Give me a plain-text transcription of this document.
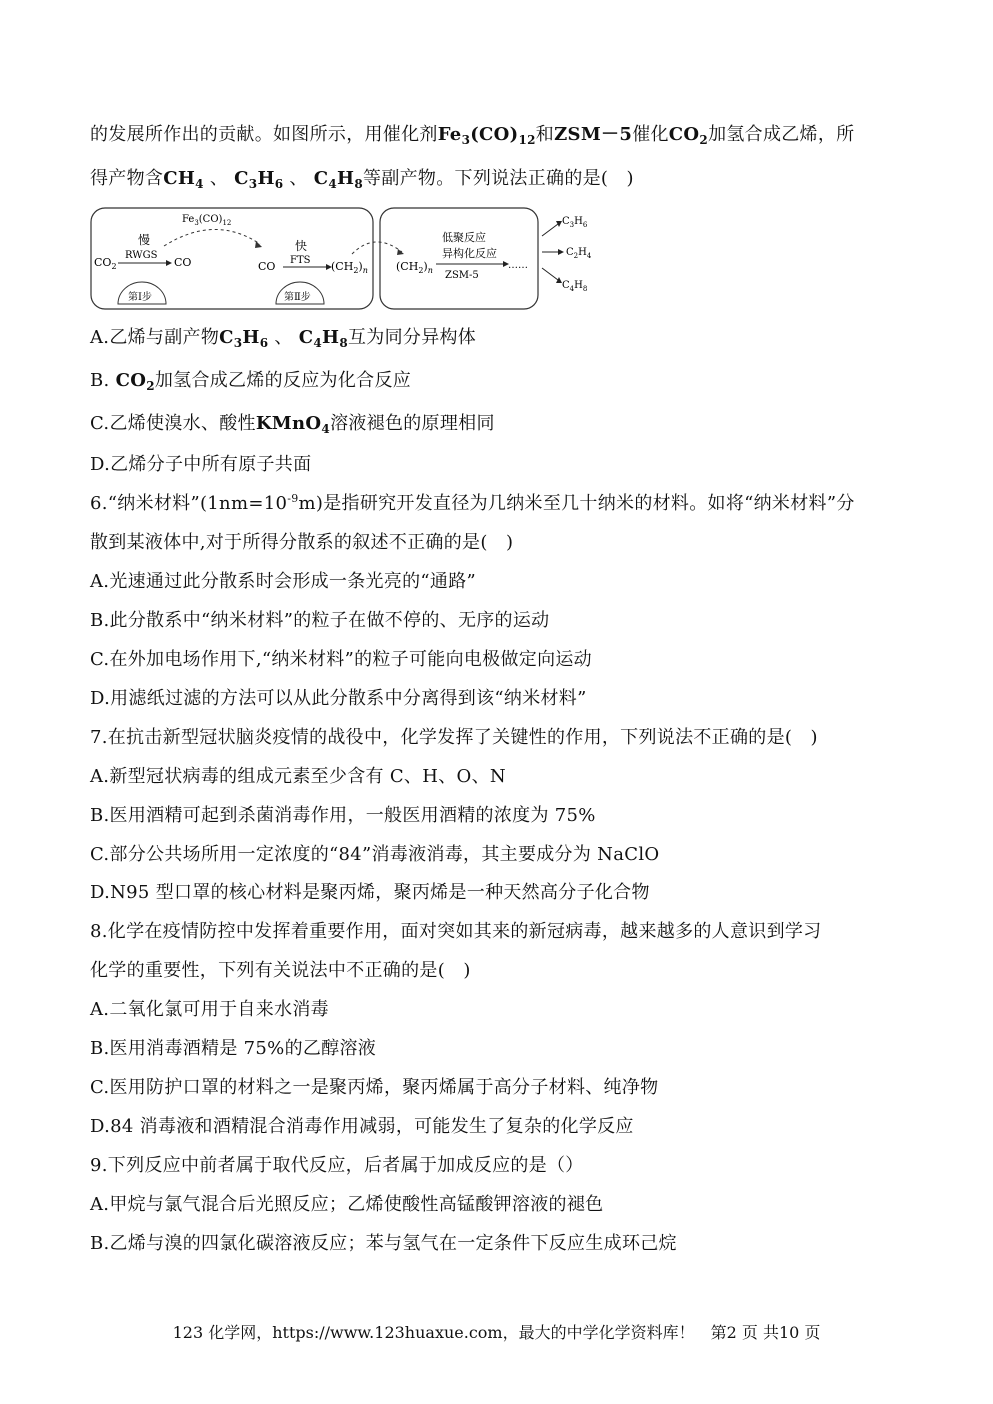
的发展所作出的贡献。如图所示，用催化剂$Fe_3(CO)_{12}$和ZSM－5催化$CO_2$加氢合成乙烯，所
得产物含$CH_4$ 、 $C_3H_6$ 、 $C_4H_8$等副产物。下列说法正确的是(　)
$CO_2$
慢
RWGS
CO
$Fe_3(CO)_{12}$
CO
快
FTS $(CH_2)_n$
第Ⅰ步	第Ⅱ步
$(CH_2)_n$
低聚反应
异构化反应
ZSM-5
……
$C_3H_6$
$C_2H_4$
$C_4H_8$
A.乙烯与副产物$C_3H_6$ 、 $C_4H_8$互为同分异构体
B. $CO_2$加氢合成乙烯的反应为化合反应
C.乙烯使溴水、酸性KMnO$_4$溶液褪色的原理相同
D.乙烯分子中所有原子共面
6.“纳米材料$”(1nm=10^{-9}m)$是指研究开发直径为几纳米至几十纳米的材料。如将“纳米材料”分
散到某液体中,对于所得分散系的叙述不正确的是(　)
A.光速通过此分散系时会形成一条光亮的“通路”
B.此分散系中“纳米材料”的粒子在做不停的、无序的运动
C.在外加电场作用下,“纳米材料”的粒子可能向电极做定向运动
D.用滤纸过滤的方法可以从此分散系中分离得到该“纳米材料”
7.在抗击新型冠状脑炎疫情的战役中，化学发挥了关键性的作用，下列说法不正确的是(　)
A.新型冠状病毒的组成元素至少含有 C、H、O、N
B.医用酒精可起到杀菌消毒作用，一般医用酒精的浓度为 75%
C.部分公共场所用一定浓度的“84”消毒液消毒，其主要成分为 NaClO
D.N95 型口罩的核心材料是聚丙烯，聚丙烯是一种天然高分子化合物
8.化学在疫情防控中发挥着重要作用，面对突如其来的新冠病毒，越来越多的人意识到学习
化学的重要性，下列有关说法中不正确的是(　)
A.二氧化氯可用于自来水消毒
B.医用消毒酒精是 75%的乙醇溶液
C.医用防护口罩的材料之一是聚丙烯，聚丙烯属于高分子材料、纯净物
D.84 消毒液和酒精混合消毒作用减弱，可能发生了复杂的化学反应
9.下列反应中前者属于取代反应，后者属于加成反应的是（）
A.甲烷与氯气混合后光照反应；乙烯使酸性高锰酸钾溶液的褪色
B.乙烯与溴的四氯化碳溶液反应；苯与氢气在一定条件下反应生成环己烷
123 化学网，https://www.123huaxue.com，最大的中学化学资料库！　第2 页 共10 页
